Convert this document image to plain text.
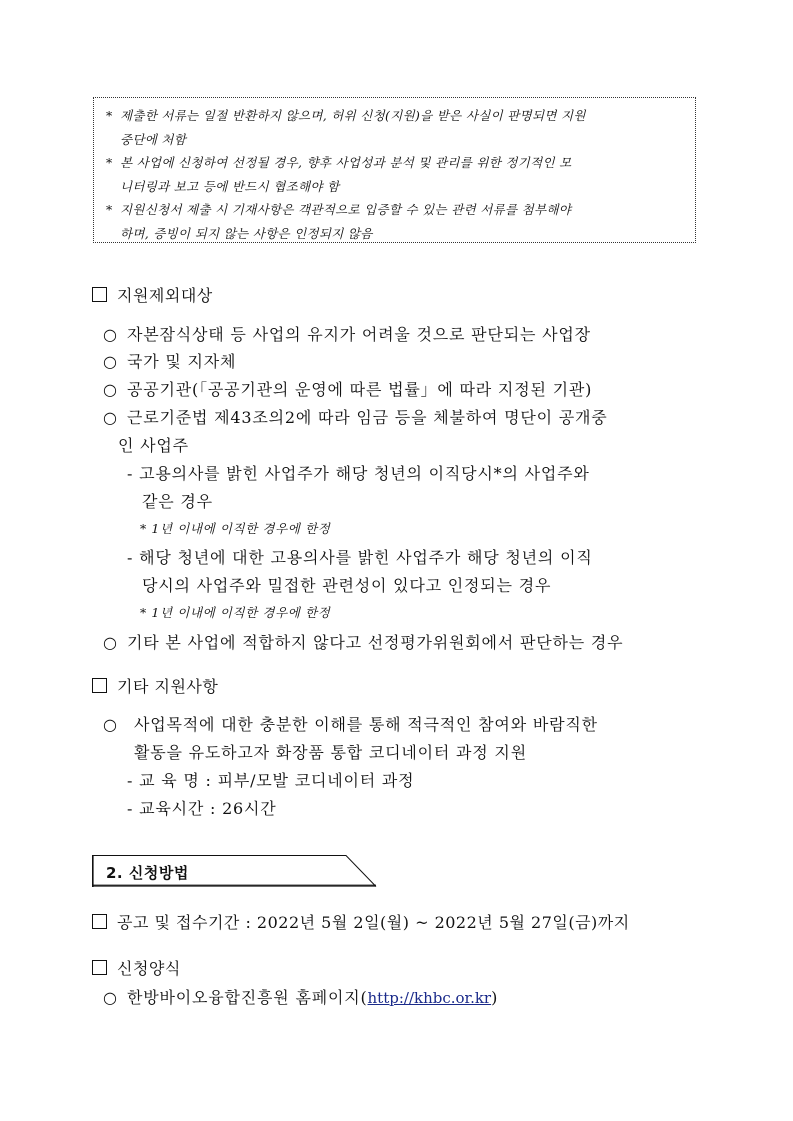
* 제출한 서류는 일절 반환하지 않으며, 허위 신청(지원)을 받은 사실이 판명되면 지원
중단에 처함
* 본 사업에 신청하여 선정될 경우, 향후 사업성과 분석 및 관리를 위한 정기적인 모
니터링과 보고 등에 반드시 협조해야 함
* 지원신청서 제출 시 기재사항은 객관적으로 입증할 수 있는 관련 서류를 첨부해야
하며, 증빙이 되지 않는 사항은 인정되지 않음
지원제외대상
○ 자본잠식상태 등 사업의 유지가 어려울 것으로 판단되는 사업장
○ 국가 및 지자체
○ 공공기관(「공공기관의 운영에 따른 법률」에 따라 지정된 기관)
○ 근로기준법 제43조의2에 따라 임금 등을 체불하여 명단이 공개중
인 사업주
- 고용의사를 밝힌 사업주가 해당 청년의 이직당시*의 사업주와
같은 경우
* 1년 이내에 이직한 경우에 한정
- 해당 청년에 대한 고용의사를 밝힌 사업주가 해당 청년의 이직
당시의 사업주와 밀접한 관련성이 있다고 인정되는 경우
* 1년 이내에 이직한 경우에 한정
○ 기타 본 사업에 적합하지 않다고 선정평가위원회에서 판단하는 경우
기타 지원사항
○ 사업목적에 대한 충분한 이해를 통해 적극적인 참여와 바람직한
활동을 유도하고자 화장품 통합 코디네이터 과정 지원
- 교 육 명 : 피부/모발 코디네이터 과정
- 교육시간 : 26시간
2. 신청방법
공고 및 접수기간 : 2022년 5월 2일(월) ~ 2022년 5월 27일(금)까지
신청양식
○ 한방바이오융합진흥원 홈페이지(http://khbc.or.kr)
